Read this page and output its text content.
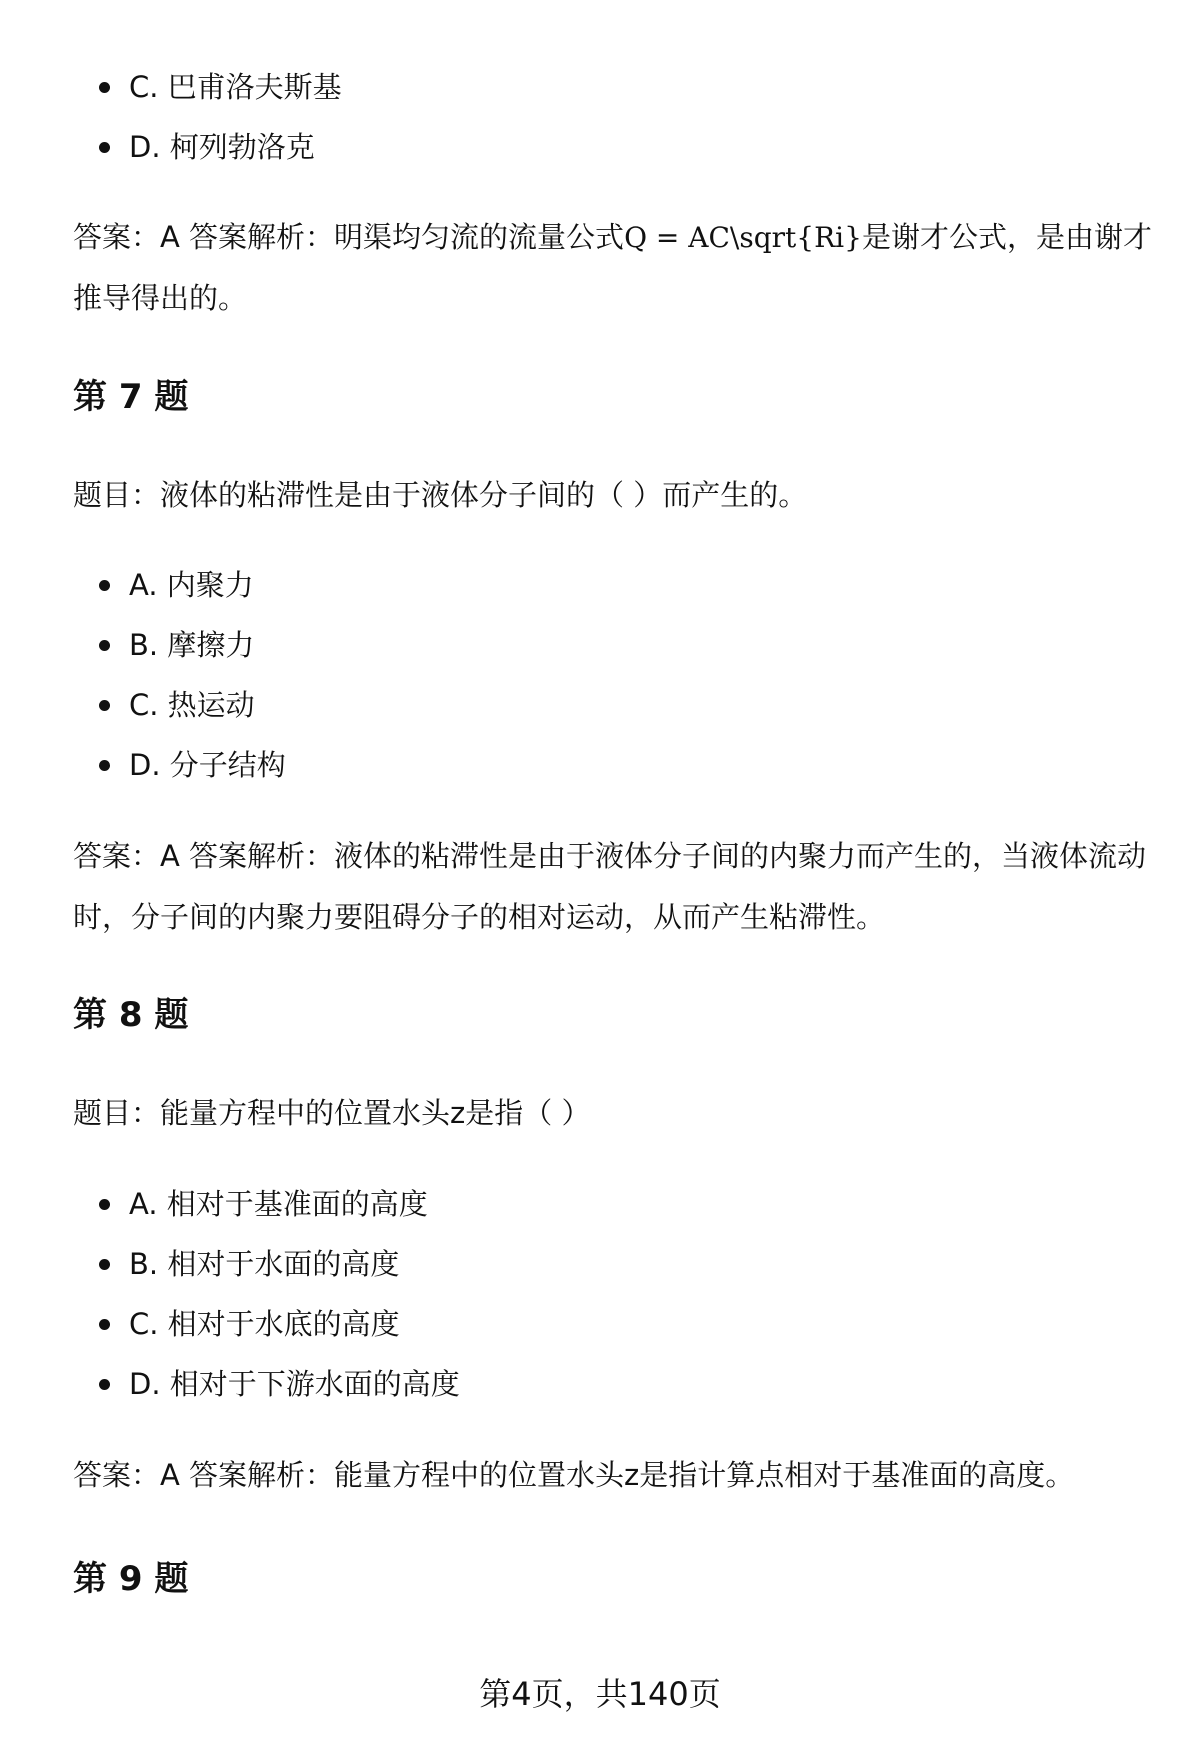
C. 巴甫洛夫斯基
D. 柯列勃洛克
答案：A 答案解析：明渠均匀流的流量公式Q = AC\sqrt{Ri}是谢才公式，是由谢才推导得出的。
第 7 题
题目：液体的粘滞性是由于液体分子间的（ ）而产生的。
A. 内聚力
B. 摩擦力
C. 热运动
D. 分子结构
答案：A 答案解析：液体的粘滞性是由于液体分子间的内聚力而产生的，当液体流动时，分子间的内聚力要阻碍分子的相对运动，从而产生粘滞性。
第 8 题
题目：能量方程中的位置水头z是指（ ）
A. 相对于基准面的高度
B. 相对于水面的高度
C. 相对于水底的高度
D. 相对于下游水面的高度
答案：A 答案解析：能量方程中的位置水头z是指计算点相对于基准面的高度。
第 9 题
第4页，共140页
